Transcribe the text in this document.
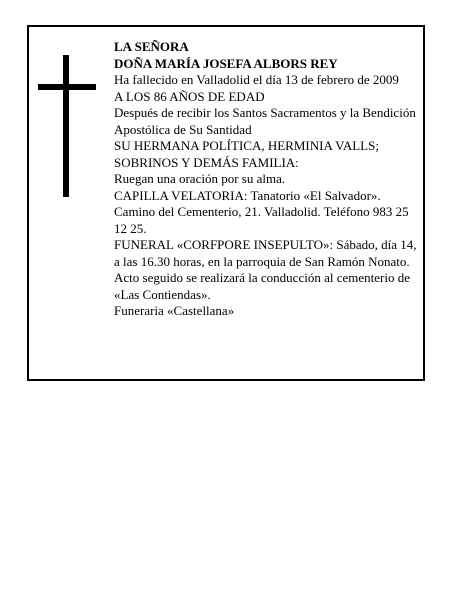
LA SEÑORA
DOÑA MARÍA JOSEFA ALBORS REY
Ha fallecido en Valladolid el día 13 de febrero de 2009
A LOS 86 AÑOS DE EDAD
Después de recibir los Santos Sacramentos y la Bendición Apostólica de Su Santidad
SU HERMANA POLÍTICA, HERMINIA VALLS; SOBRINOS Y DEMÁS FAMILIA:
Ruegan una oración por su alma.
CAPILLA VELATORIA: Tanatorio «El Salvador». Camino del Cementerio, 21. Valladolid. Teléfono 983 25 12 25.
FUNERAL «CORFPORE INSEPULTO»: Sábado, día 14, a las 16.30 horas, en la parroquia de San Ramón Nonato. Acto seguido se realizará la conducción al cementerio de «Las Contiendas».
Funeraria «Castellana»
